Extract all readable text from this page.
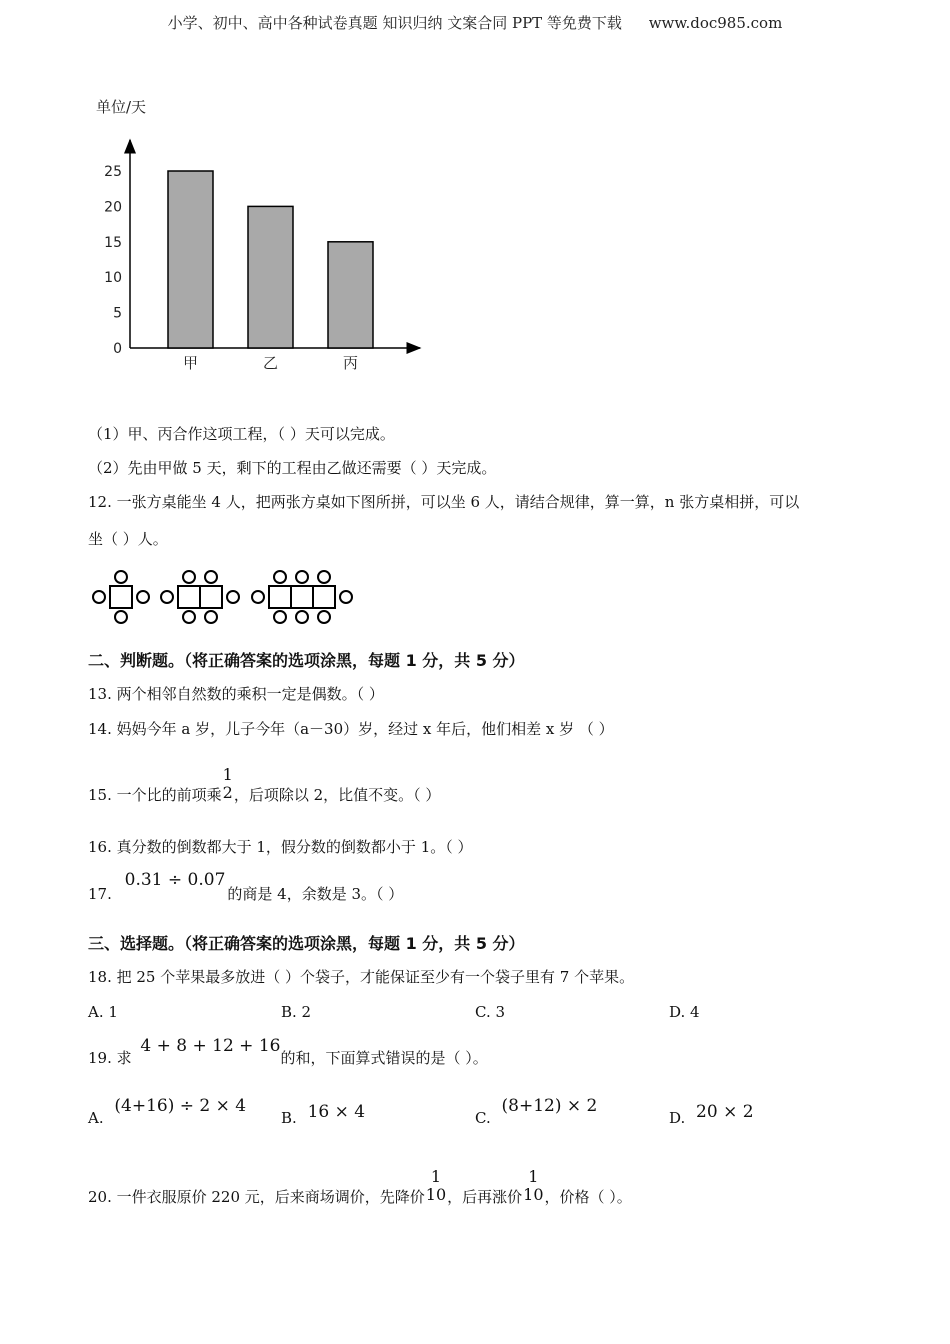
小学、初中、高中各种试卷真题 知识归纳 文案合同 PPT 等免费下载 www.doc985.com
单位/天
0
5
10
15
20
25
甲	乙	丙
（1）甲、丙合作这项工程，（ ）天可以完成。
（2）先由甲做 5 天，剩下的工程由乙做还需要（ ）天完成。
12. 一张方桌能坐 4 人，把两张方桌如下图所拼，可以坐 6 人，请结合规律，算一算，n 张方桌相拼，可以
坐（ ）人。
二、判断题。（将正确答案的选项涂黑，每题 1 分，共 5 分）
13. 两个相邻自然数的乘积一定是偶数。（ ）
14. 妈妈今年 a 岁，儿子今年（a－30）岁，经过 x 年后，他们相差 x 岁 （ ）
15. 一个比的前项乘
1
2 ，后项除以 2，比值不变。（ ）
16. 真分数的倒数都大于 1，假分数的倒数都小于 1。（ ）
17. 0.31 ÷ 0.07的商是 4，余数是 3。（ ）
三、选择题。（将正确答案的选项涂黑，每题 1 分，共 5 分）
18. 把 25 个苹果最多放进（ ）个袋子，才能保证至少有一个袋子里有 7 个苹果。
A. 1	B. 2	C. 3	D. 4
19. 求 4 + 8 + 12 + 16的和，下面算式错误的是（ ）。
A. (4+16) ÷ 2 × 4
B. 16 × 4	C. (8+12) × 2
D. 20 × 2
20. 一件衣服原价 220 元，后来商场调价，先降价
1
10 ，后再涨价
1
10 ，价格（ ）。
